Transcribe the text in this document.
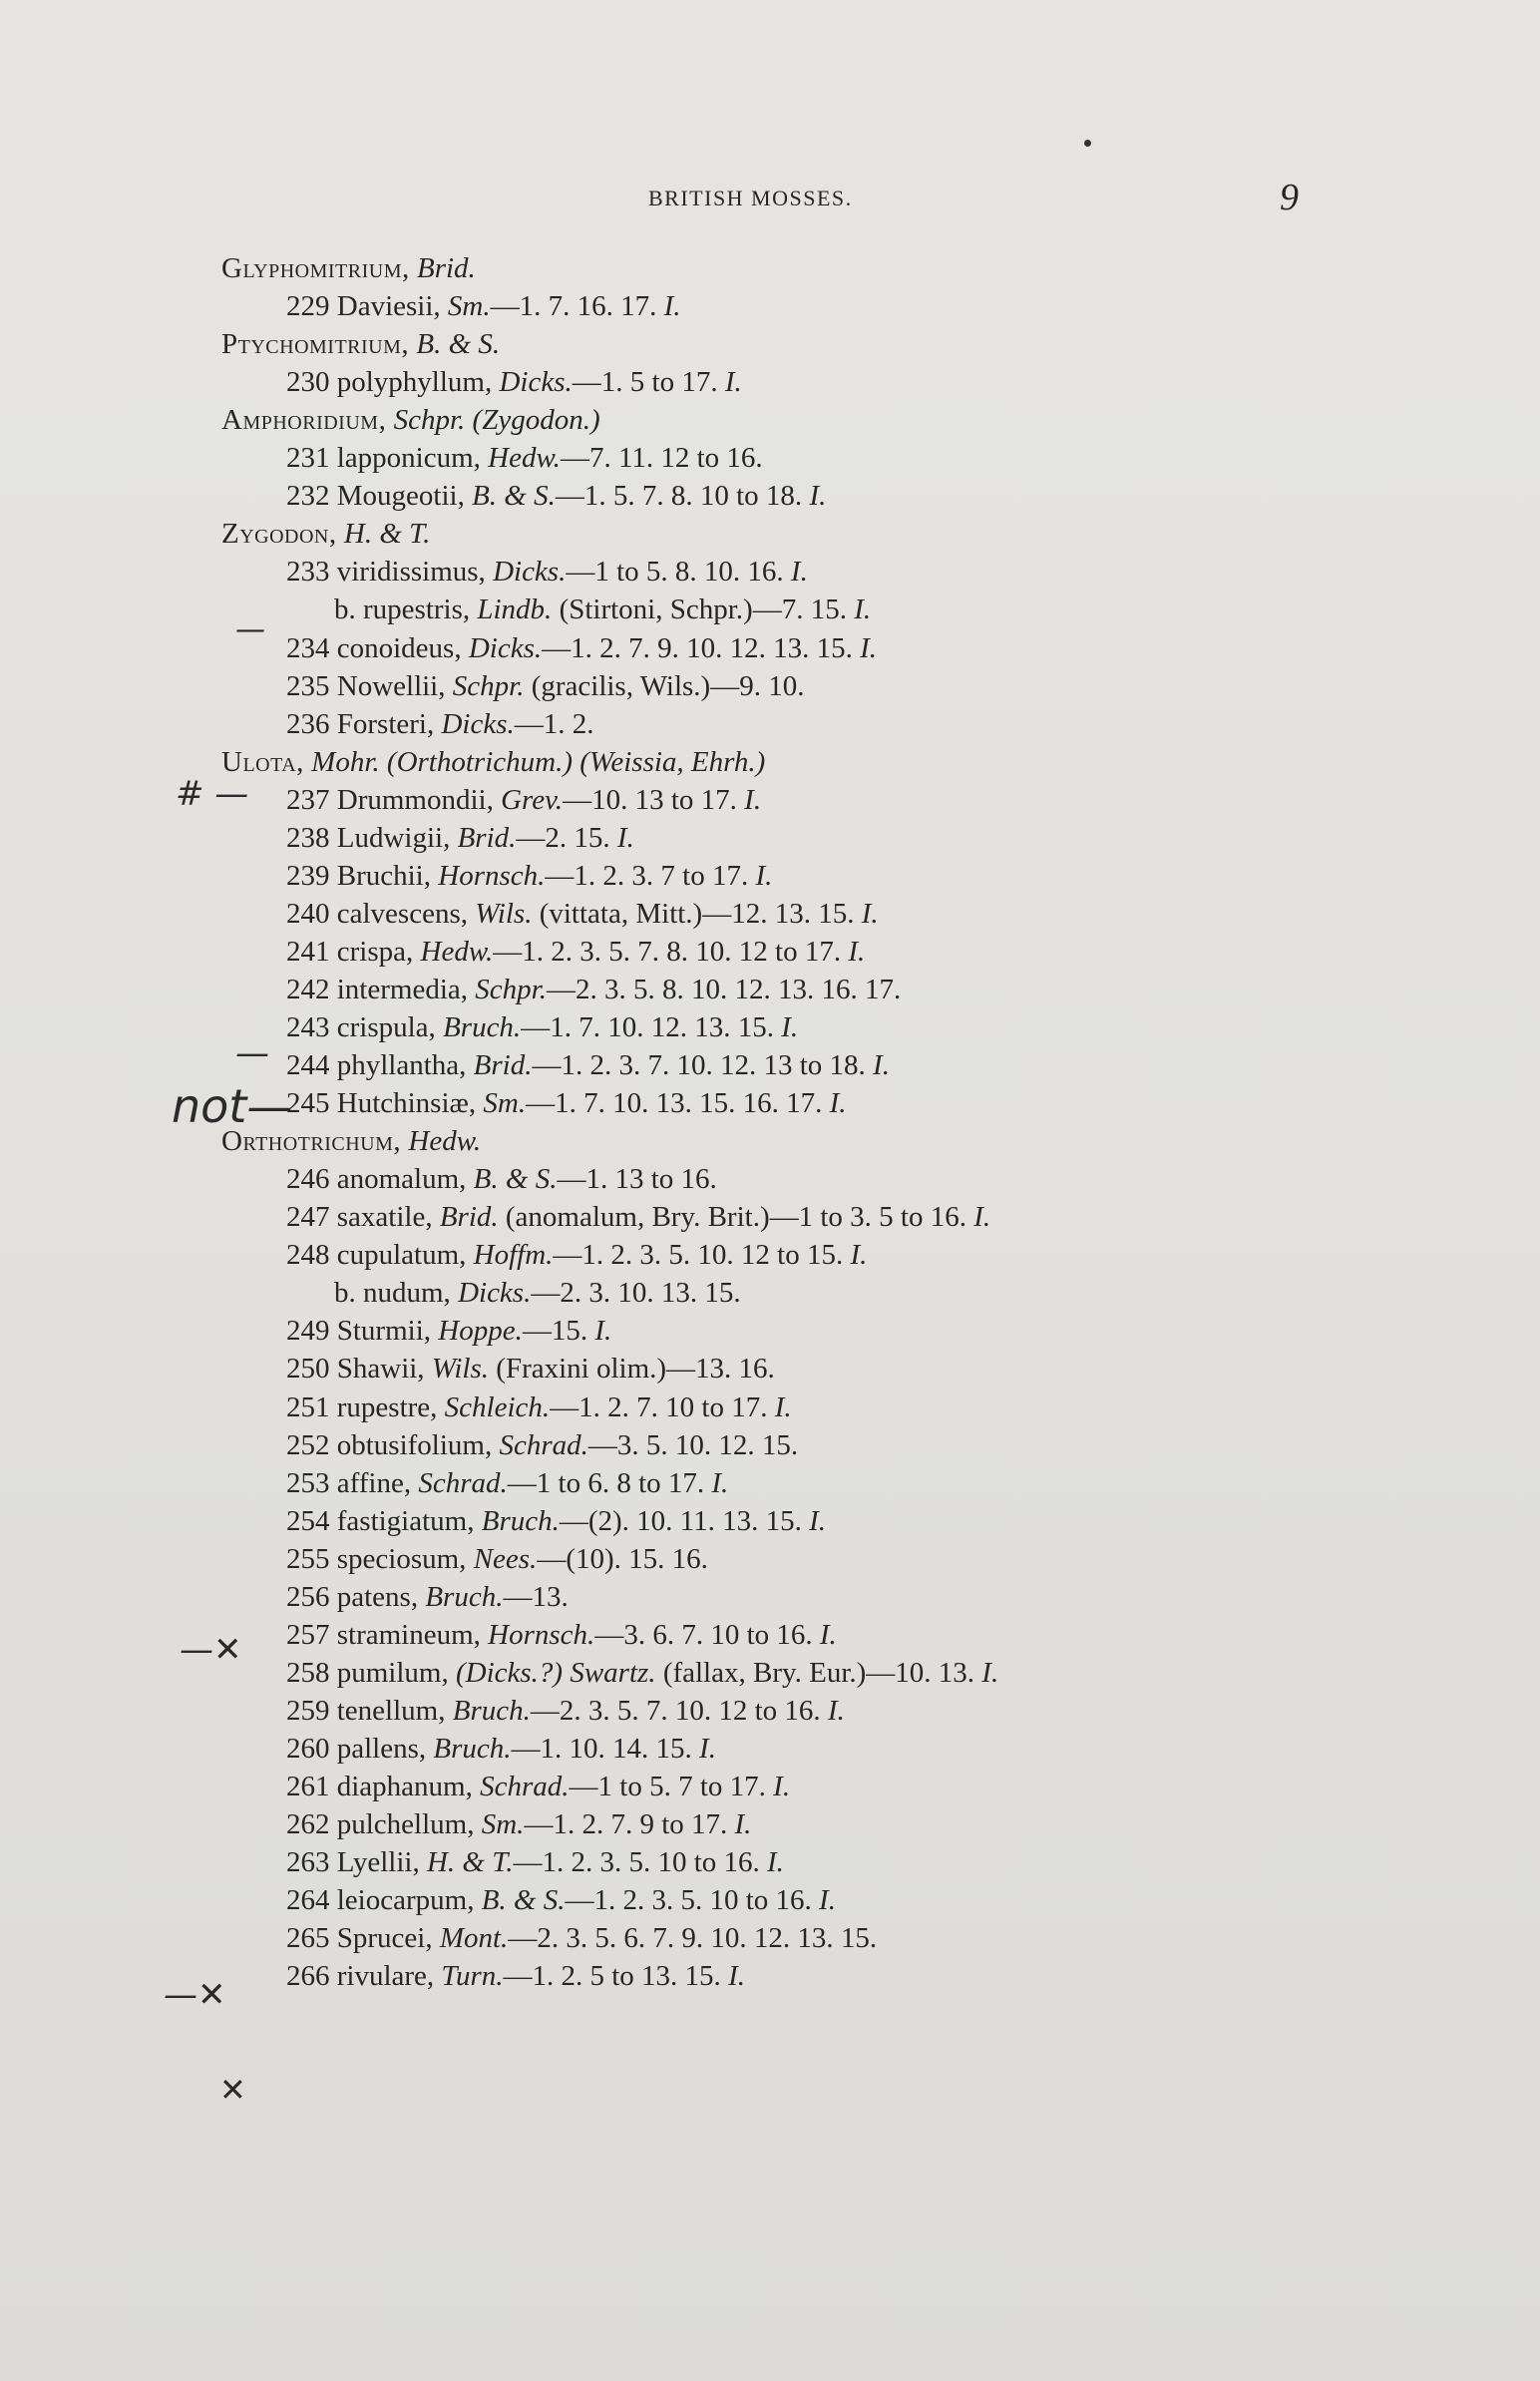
BRITISH MOSSES.	9
Glyphomitrium, Brid.
229 Daviesii, Sm.—1. 7. 16. 17. I.
Ptychomitrium, B. & S.
230 polyphyllum, Dicks.—1. 5 to 17. I.
Amphoridium, Schpr. (Zygodon.)
231 lapponicum, Hedw.—7. 11. 12 to 16.
232 Mougeotii, B. & S.—1. 5. 7. 8. 10 to 18. I.
Zygodon, H. & T.
233 viridissimus, Dicks.—1 to 5. 8. 10. 16. I.
b. rupestris, Lindb. (Stirtoni, Schpr.)—7. 15. I.
234 conoideus, Dicks.—1. 2. 7. 9. 10. 12. 13. 15. I.
235 Nowellii, Schpr. (gracilis, Wils.)—9. 10.
236 Forsteri, Dicks.—1. 2.
Ulota, Mohr. (Orthotrichum.) (Weissia, Ehrh.)
237 Drummondii, Grev.—10. 13 to 17. I.
238 Ludwigii, Brid.—2. 15. I.
239 Bruchii, Hornsch.—1. 2. 3. 7 to 17. I.
240 calvescens, Wils. (vittata, Mitt.)—12. 13. 15. I.
241 crispa, Hedw.—1. 2. 3. 5. 7. 8. 10. 12 to 17. I.
242 intermedia, Schpr.—2. 3. 5. 8. 10. 12. 13. 16. 17.
243 crispula, Bruch.—1. 7. 10. 12. 13. 15. I.
244 phyllantha, Brid.—1. 2. 3. 7. 10. 12. 13 to 18. I.
245 Hutchinsiæ, Sm.—1. 7. 10. 13. 15. 16. 17. I.
Orthotrichum, Hedw.
246 anomalum, B. & S.—1. 13 to 16.
247 saxatile, Brid. (anomalum, Bry. Brit.)—1 to 3. 5 to 16. I.
248 cupulatum, Hoffm.—1. 2. 3. 5. 10. 12 to 15. I.
b. nudum, Dicks.—2. 3. 10. 13. 15.
249 Sturmii, Hoppe.—15. I.
250 Shawii, Wils. (Fraxini olim.)—13. 16.
251 rupestre, Schleich.—1. 2. 7. 10 to 17. I.
252 obtusifolium, Schrad.—3. 5. 10. 12. 15.
253 affine, Schrad.—1 to 6. 8 to 17. I.
254 fastigiatum, Bruch.—(2). 10. 11. 13. 15. I.
255 speciosum, Nees.—(10). 15. 16.
256 patens, Bruch.—13.
257 stramineum, Hornsch.—3. 6. 7. 10 to 16. I.
258 pumilum, (Dicks.?) Swartz. (fallax, Bry. Eur.)—10. 13. I.
259 tenellum, Bruch.—2. 3. 5. 7. 10. 12 to 16. I.
260 pallens, Bruch.—1. 10. 14. 15. I.
261 diaphanum, Schrad.—1 to 5. 7 to 17. I.
262 pulchellum, Sm.—1. 2. 7. 9 to 17. I.
263 Lyellii, H. & T.—1. 2. 3. 5. 10 to 16. I.
264 leiocarpum, B. & S.—1. 2. 3. 5. 10 to 16. I.
265 Sprucei, Mont.—2. 3. 5. 6. 7. 9. 10. 12. 13. 15.
266 rivulare, Turn.—1. 2. 5 to 13. 15. I.
—
# —
—
not—
—✕
—✕
✕
